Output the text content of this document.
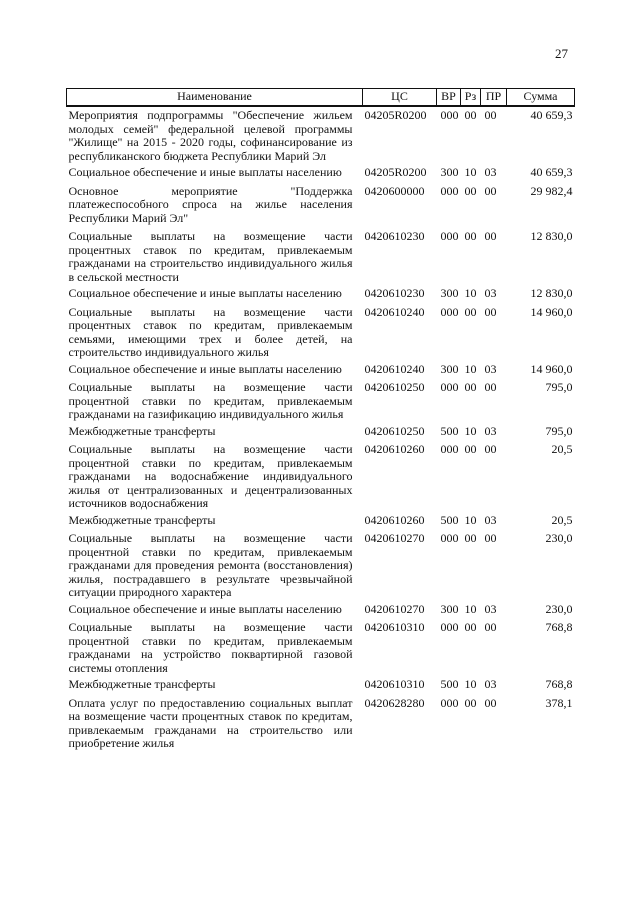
27
Наименование	ЦС	ВР	Рз	ПР	Сумма
Мероприятия подпрограммы "Обеспечение жильем молодых семей" федеральной целевой программы "Жилище" на 2015 - 2020 годы, софинансирование из республиканского бюджета Республики Марий Эл	04205R0200	000	00	00	40 659,3
Социальное обеспечение и иные выплаты населению	04205R0200	300	10	03	40 659,3
Основное мероприятие "Поддержка платежеспособного спроса на жилье населения Республики Марий Эл"	0420600000	000	00	00	29 982,4
Социальные выплаты на возмещение части процентных ставок по кредитам, привлекаемым гражданами на строительство индивидуального жилья в сельской местности	0420610230	000	00	00	12 830,0
Социальное обеспечение и иные выплаты населению	0420610230	300	10	03	12 830,0
Социальные выплаты на возмещение части процентных ставок по кредитам, привлекаемым семьями, имеющими трех и более детей, на строительство индивидуального жилья	0420610240	000	00	00	14 960,0
Социальное обеспечение и иные выплаты населению	0420610240	300	10	03	14 960,0
Социальные выплаты на возмещение части процентной ставки по кредитам, привлекаемым гражданами на газификацию индивидуального жилья	0420610250	000	00	00	795,0
Межбюджетные трансферты	0420610250	500	10	03	795,0
Социальные выплаты на возмещение части процентной ставки по кредитам, привлекаемым гражданами на водоснабжение индивидуального жилья от централизованных и децентрализованных источников водоснабжения	0420610260	000	00	00	20,5
Межбюджетные трансферты	0420610260	500	10	03	20,5
Социальные выплаты на возмещение части процентной ставки по кредитам, привлекаемым гражданами для проведения ремонта (восстановления) жилья, пострадавшего в результате чрезвычайной ситуации природного характера	0420610270	000	00	00	230,0
Социальное обеспечение и иные выплаты населению	0420610270	300	10	03	230,0
Социальные выплаты на возмещение части процентной ставки по кредитам, привлекаемым гражданами на устройство поквартирной газовой системы отопления	0420610310	000	00	00	768,8
Межбюджетные трансферты	0420610310	500	10	03	768,8
Оплата услуг по предоставлению социальных выплат на возмещение части процентных ставок по кредитам, привлекаемым гражданами на строительство или приобретение жилья	0420628280	000	00	00	378,1
